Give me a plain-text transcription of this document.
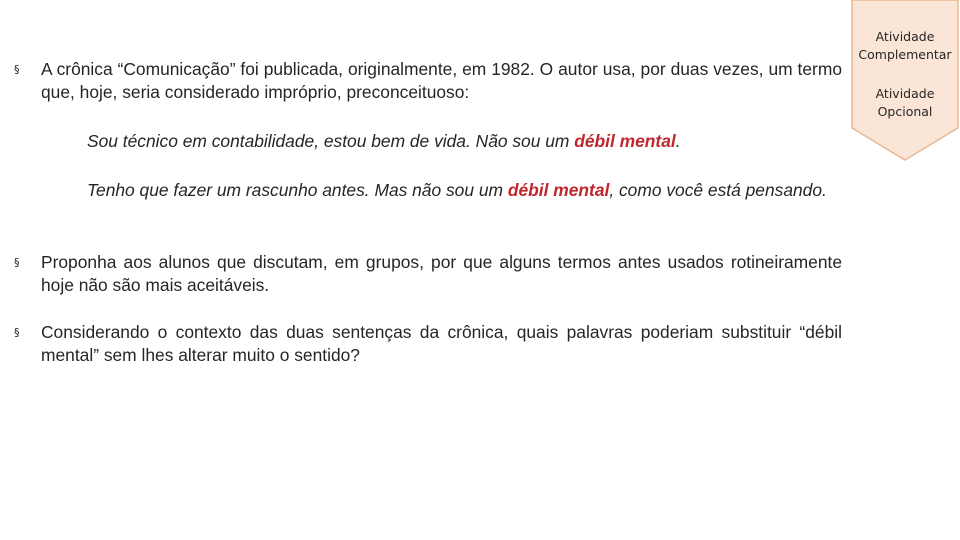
§	A crônica “Comunicação” foi publicada, originalmente, em 1982. O autor usa, por duas vezes, um termo que, hoje, seria considerado impróprio, preconceituoso:
Sou técnico em contabilidade, estou bem de vida. Não sou um débil mental.
Tenho que fazer um rascunho antes. Mas não sou um débil mental, como você está pensando.
§	Proponha aos alunos que discutam, em grupos, por que alguns termos antes usados rotineiramente hoje não são mais aceitáveis.
§	Considerando o contexto das duas sentenças da crônica, quais palavras poderiam substituir “débil mental” sem lhes alterar muito o sentido?
Atividade
Complementar
Atividade
Opcional
